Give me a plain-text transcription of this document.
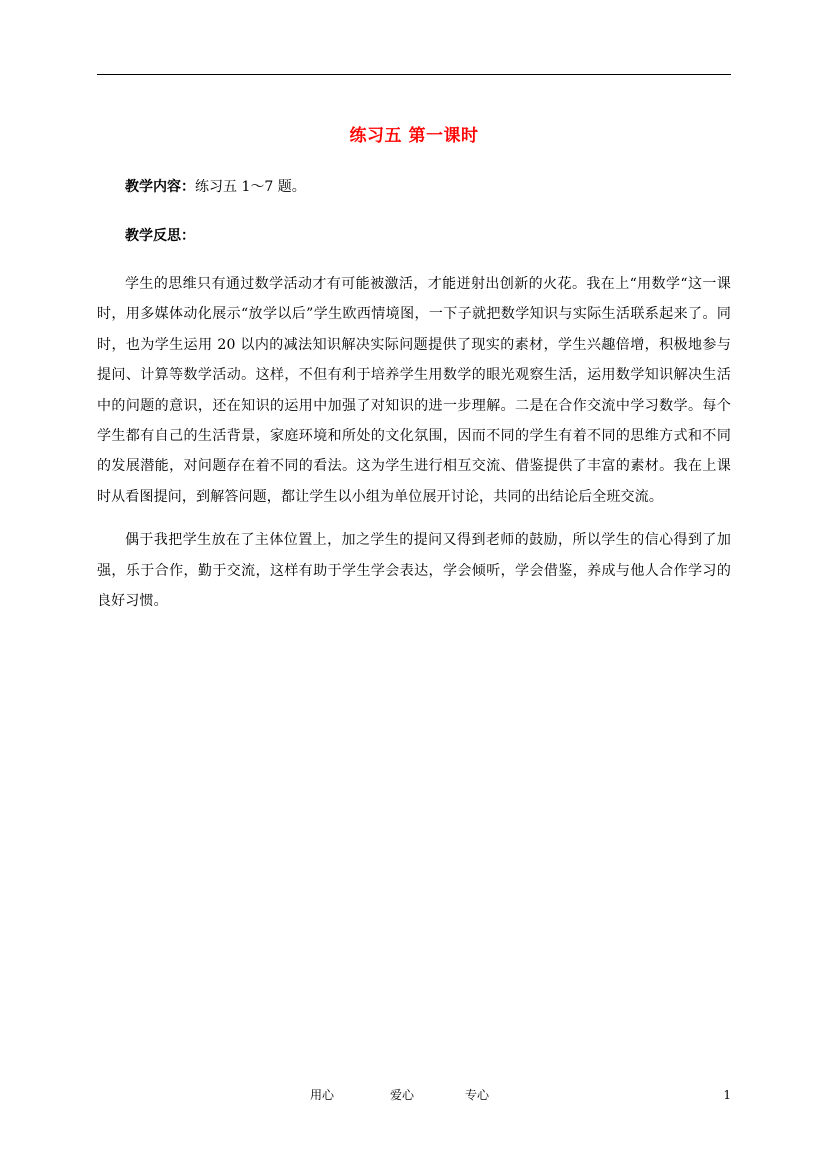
练习五 第一课时
教学内容：练习五 1～7 题。
教学反思：

学生的思维只有通过数学活动才有可能被激活，才能迸射出创新的火花。我在上“用数学“这一课时，用多媒体动化展示“放学以后”学生欧西情境图，一下子就把数学知识与实际生活联系起来了。同时，也为学生运用 20 以内的减法知识解决实际问题提供了现实的素材，学生兴趣倍增，积极地参与提问、计算等数学活动。这样，不但有利于培养学生用数学的眼光观察生活，运用数学知识解决生活中的问题的意识，还在知识的运用中加强了对知识的进一步理解。二是在合作交流中学习数学。每个学生都有自己的生活背景，家庭环境和所处的文化氛围，因而不同的学生有着不同的思维方式和不同的发展潜能，对问题存在着不同的看法。这为学生进行相互交流、借鉴提供了丰富的素材。我在上课时从看图提问，到解答问题，都让学生以小组为单位展开讨论，共同的出结论后全班交流。

偶于我把学生放在了主体位置上，加之学生的提问又得到老师的鼓励，所以学生的信心得到了加强，乐于合作，勤于交流，这样有助于学生学会表达，学会倾听，学会借鉴，养成与他人合作学习的良好习惯。

用心	爱心	专心	1
